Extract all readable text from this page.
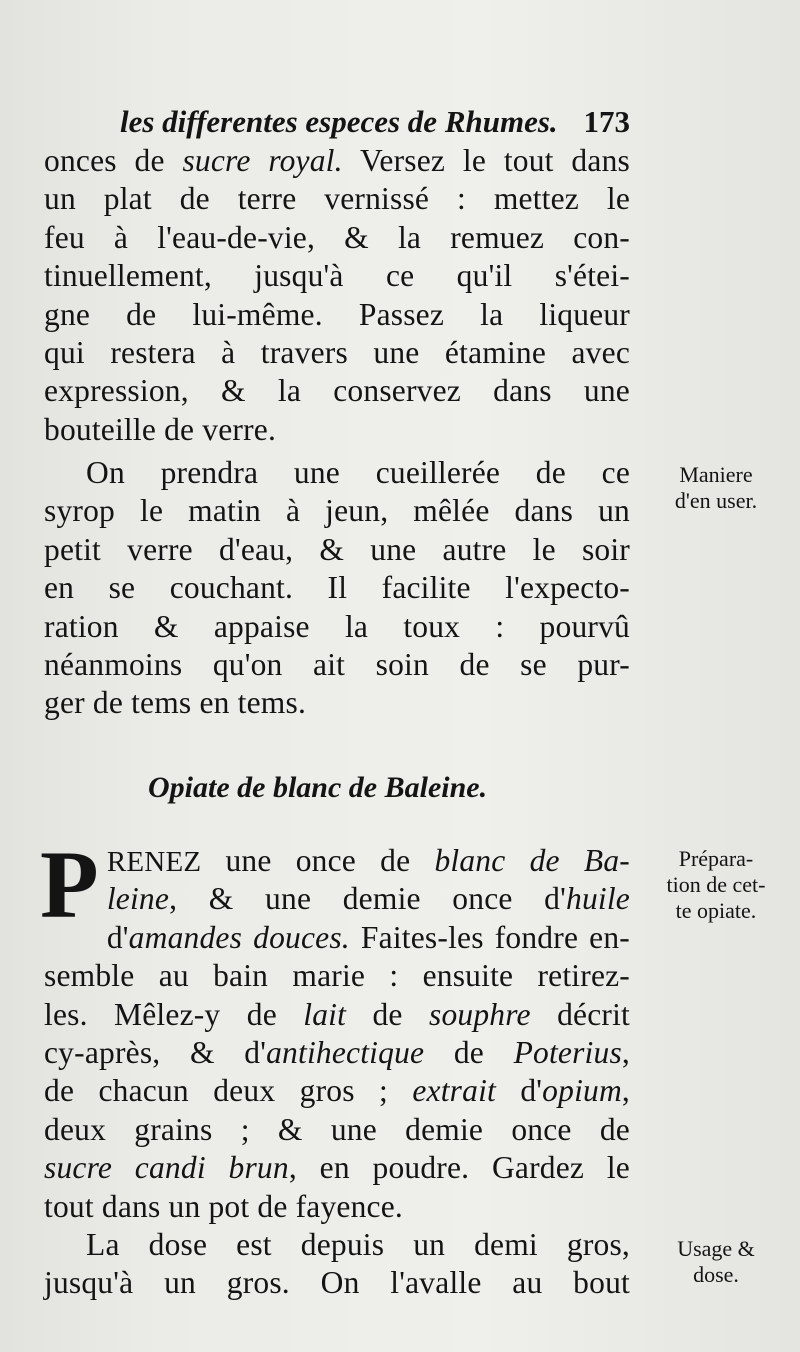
les differentes especes de Rhumes. 173
onces de sucre royal. Versez le tout dans
un plat de terre vernissé : mettez le
feu à l'eau-de-vie, & la remuez con-
tinuellement, jusqu'à ce qu'il s'étei-
gne de lui-même. Passez la liqueur
qui restera à travers une étamine avec
expression, & la conservez dans une
bouteille de verre.
On prendra une cueillerée de ce
syrop le matin à jeun, mêlée dans un
petit verre d'eau, & une autre le soir
en se couchant. Il facilite l'expecto-
ration & appaise la toux : pourvû
néanmoins qu'on ait soin de se pur-
ger de tems en tems.
Opiate de blanc de Baleine.
P RENEZ une once de blanc de Ba-
leine, & une demie once d'huile
d'amandes douces. Faites-les fondre en-
semble au bain marie : ensuite retirez-
les. Mêlez-y de lait de souphre décrit
cy-après, & d'antihectique de Poterius,
de chacun deux gros ; extrait d'opium,
deux grains ; & une demie once de
sucre candi brun, en poudre. Gardez le
tout dans un pot de fayence.
La dose est depuis un demi gros,
jusqu'à un gros. On l'avalle au bout
Maniere
d'en user.
Prépara-
tion de cet-
te opiate.
Usage &
dose.
